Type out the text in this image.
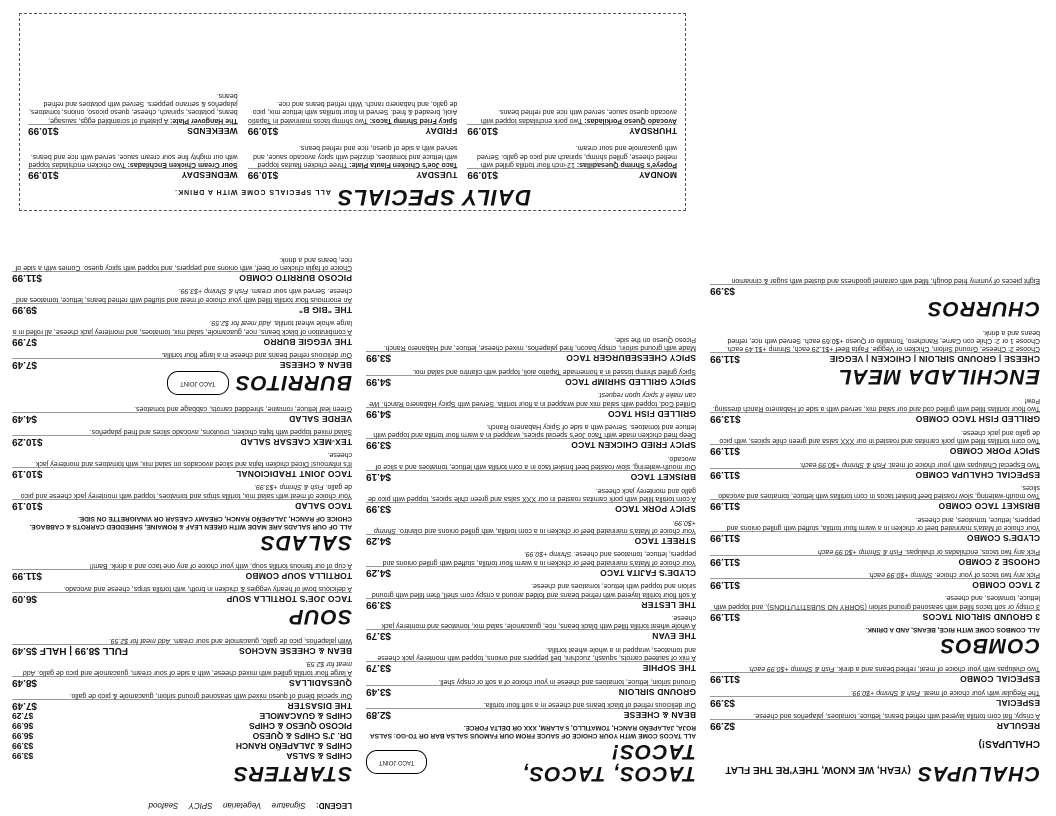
LEGEND: Signature Vegetarian SPICY Seafood
STARTERS
CHIPS & SALSA
$3.99
CHIPS & JALAPEÑO RANCH
$3.99
DR. J'S CHIPS & QUESO
$6.99
PICOSO QUESO & CHIPS
$6.99
CHIPS & GUACAMOLE
$7.29
THE DISASTER
$7.49
Our special blend of queso mixed with seasoned ground sirloin, guacamole & pico de gallo.
QUESADILLAS
$8.49
A large flour tortilla grilled with mixed cheese, with a side of sour cream, guacamole and pico de gallo. Add meat for $2.59.
BEAN & CHEESE NACHOS
FULL $8.99 | HALF $5.49
With jalapeños, pico de gallo, guacamole and sour cream. Add meat for $2.59.
SOUP
TACO JOE'S TORTILLA SOUP
$6.09
A delicious bowl of hearty veggies & chicken in broth, with tortilla strips, cheese and avocado.
TORTILLA SOUP COMBO
$11.99
A cup of our famous tortilla soup, with your choice of any one taco and a drink. Bam!!
SALADS
ALL OF OUR SALADS ARE MADE WITH GREEN LEAF & ROMAINE, SHREDDED CARROTS & CABBAGE. CHOICE OF RANCH, JALAPEÑO RANCH, CREAMY CAESAR OR VINAIGRETTE ON SIDE.
TACO SALAD
$10.19
Your choice of meat with salad mix, tortilla strips and tomatoes, topped with monterey jack cheese and pico de gallo. Fish & Shrimp +$3.99.
TACO JOINT TRADICIONAL
$10.19
It's infamous! Diced chicken fajita and sliced avocados on salad mix, with tomatoes and monterey jack cheese.
TEX-MEX CAESAR SALAD
$10.29
Salad mixed topped with fajita chicken, croutons, avocado slices and fried jalapeños.
VERDE SALAD
$4.49
Green leaf lettuce, romaine, shredded carrots, cabbage and tomatoes.
BURRITOS
TACO JOINT
BEAN & CHEESE
$7.49
Our delicious refried beans and cheese in a large flour tortilla.
THE VEGGIE BURRO
$7.99
A combination of black beans, rice, guacamole, salad mix, tomatoes, and monterey jack cheese, all rolled in a large whole wheat tortilla. Add meat for $2.59.
THE "BIG B"
$9.99
An enormous flour tortilla filled with your choice of meat and stuffed with refried beans, lettuce, tomatoes and cheese. Served with sour cream. Fish & Shrimp +$3.99.
PICOSO BURRITO COMBO
$11.99
Choice of fajita chicken or beef, with onions and peppers, and topped with spicy queso. Comes with a side of rice, beans and a drink.
TACOS, TACOS, TACOS!
TACO JOINT
ALL TACOS COME WITH YOUR CHOICE OF SAUCE FROM OUR FAMOUS SALSA BAR OR TO-GO: SALSA ROJA, JALAPEÑO RANCH, TOMATILLO, 5 ALARM, XXX OR DELTA FORCE.
BEAN & CHEESE
$2.89
Our delicious refried of black beans and cheese in a soft flour tortilla.
GROUND SIRLOIN
$3.49
Ground sirloin, lettuce, tomatoes and cheese in your choice of a soft or crispy shell.
THE SOPHIE
$3.79
A mix of sauteed carrots, squash, zucchini, bell peppers and onions, topped with monterey jack cheese and tomatoes, wrapped in a whole wheat tortilla.
THE EVAN
$3.79
A whole wheat tortilla filled with black beans, rice, guacamole, salad mix, tomatoes and monterey jack cheese.
THE LESTER
$3.99
A soft flour tortilla layered with refried beans and folded around a crispy corn shell, then filled with ground sirloin and topped with lettuce, tomatoes and cheese.
CLYDE'S FAJITA TACO
$4.29
Your choice of Mata's marinated beef or chicken in a warm flour tortilla, stuffed with grilled onions and peppers, lettuce, tomatoes and cheese. Shrimp +$0.99.
STREET TACO
$4.29
Your choice of Mata's marinated beef or chicken in a corn tortilla, with grilled onions and cilantro. Shrimp +$0.99.
SPICY PORK TACO
$3.99
A corn tortilla filled with pork carnitas roasted in our XXX salsa and green chile spices, topped with pico de gallo and monterey jack cheese.
BRISKET TACO
$4.19
Our mouth-watering, slow roasted beef brisket taco in a corn tortilla with lettuce, tomatoes and a slice of avocado.
SPICY FRIED CHICKEN TACO
$3.99
Deep fried chicken made with Taco Joe's special spices, wrapped in a warm flour tortilla and topped with lettuce and tomatoes. Served with a side of Spicy Habanero Ranch.
GRILLED FISH TACO
$4.99
Grilled Cod, topped with salad mix and wrapped in a flour tortilla. Served with Spicy Habanero Ranch. We can make it spicy upon request.
SPICY GRILLED SHRIMP TACO
$4.99
Spicy grilled shrimp tossed in a homemade Tapatio aioli, topped with cilantro and salad mix.
SPICY CHEESEBURGER TACO
$3.99
Made with ground sirloin, crispy bacon, fried jalapeños, mixed cheese, lettuce, and Habanero Ranch. Picoso Queso on the side.
CHALUPAS(YEAH, WE KNOW, THEY'RE THE FLAT CHALUPAS!)
REGULAR
$2.99
A crispy, flat corn tortilla layered with refried beans, lettuce, tomatoes, jalapeños and cheese.
ESPECIAL
$3.99
The Regular with your choice of meat. Fish & Shrimp +$0.99.
ESPECIAL COMBO
$11.99
Two chalupas with your choice of meat, refried beans and a drink. Fish & Shrimp +$0.99 each.
COMBOS
ALL COMBOS COME WITH RICE, BEANS, AND A DRINK.
3 GROUND SIRLOIN TACOS
$11.99
3 crispy or soft tacos filled with seasoned ground sirloin (SORRY NO SUBSTITUTIONS), and topped with lettuce, tomatoes, and cheese.
2 TACO COMBO
$11.99
Pick any two tacos of your choice. Shrimp +$0.99 each.
CHOOSE 2 COMBO
$11.99
Pick any two tacos, enchiladas or chalupas. Fish & Shrimp +$0.99 each
CLYDE'S COMBO
$11.99
Your choice of Mata's marinated beef or chicken in a warm flour tortilla, stuffed with grilled onions and peppers, lettuce, tomatoes, and cheese.
BRISKET TACO COMBO
$11.99
Two mouth-watering, slow roasted beef brisket tacos in corn tortillas with lettuce, tomatoes and avocado slices.
ESPECIAL CHALUPA COMBO
$11.99
Two Especial Chalupas with your choice of meat. Fish & Shrimp +$0.99 each.
SPICY PORK COMBO
$11.99
Two corn tortillas filled with pork carnitas and roasted in our XXX salsa and green chile spices, with pico de gallo and jack cheese.
GRILLED FISH TACO COMBO
$13.99
Two flour tortillas filled with grilled cod and our salad mix, served with a side of Habanero Ranch dressing. Pow!
ENCHILADA MEAL
CHEESE | GROUND SIRLOIN | CHICKEN | VEGGIE
$11.99
Choose 2: Cheese, Ground Sirloin, Chicken or Veggie. Fajita Beef +$1.29 each, Shrimp +$1.49 each. Choose 1 or 2: Chile con Carne, Ranchero, Tomatillo or Queso +$0.69 each. Served with rice, refried beans and a drink.
CHURROS
$3.99
Eight pieces of yummy fried dough, filled with caramel goodness and dusted with sugar & cinnamon
DAILY SPECIALSALL SPECIALS COME WITH A DRINK.
MONDAY
$10.99
Popeye's Shrimp Quesadillas: 12-inch flour tortilla grilled with melted cheese, grilled shrimp, spinach and pico de gallo. Served with guacamole and sour cream.
TUESDAY
$10.99
Taco Joe's Chicken Flauta Plate: Three chicken flautas topped with lettuce and tomatoes, drizzled with spicy avocado sauce, and served with a side of queso, rice and refried beans.
WEDNESDAY
$10.99
Sour Cream Chicken Enchiladas: Two chicken enchiladas topped with our mighty fine sour cream sauce, served with rice and beans.
THURSDAY
$10.99
Avocado Queso Porkiladas: Two pork enchiladas topped with avocado queso sauce, served with rice and refried beans.
FRIDAY
$10.99
Spicy Fried Shrimp Tacos: Two shrimp tacos marinated in Tapatío Aioli, breaded & fried. Served in flour tortillas with lettuce mix, pico de gallo, and habanero ranch. With refried beans and rice.
WEEKENDS
$10.99
The Hangover Plate: A plateful of scrambled eggs, sausage, beans, potatoes, spinach, cheese, queso picoso, onions, tomatoes, jalapeños & serrano peppers. Served with potatoes and refried beans.
